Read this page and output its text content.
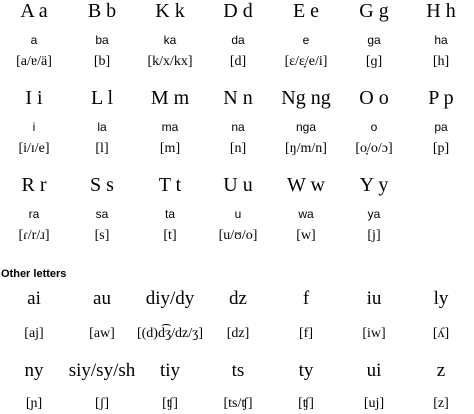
A a
a
[a/ɐ/ä]
B b
ba
[b]
K k
ka
[k/x/kx]
D d
da
[d]
E e
e
[ɛ/ɛ̞/e/i]
G g
ga
[ɡ]
H h
ha
[h]
I i
i
[i/ɪ/e]
L l
la
[l]
M m
ma
[m]
N n
na
[n]
Ng ng
nga
[ŋ/m/n]
O o
o
[o̞/o/ɔ]
P p
pa
[p]
R r
ra
[ɾ/r/ɹ]
S s
sa
[s]
T t
ta
[t]
U u
u
[u/ʊ/o]
W w
wa
[w]
Y y
ya
[j]
Other letters
ai
[aj]
au
[aw]
diy/dy
[(d)d͡ʒ/dz/ʒ]
dz
[dz]
f
[f]
iu
[iw]
ly
[ʎ]
ny
[ɲ]
siy/sy/sh
[ʃ]
tiy
[ʧ]
ts
[ts/ʧ]
ty
[ʧ]
ui
[uj]
z
[z]
